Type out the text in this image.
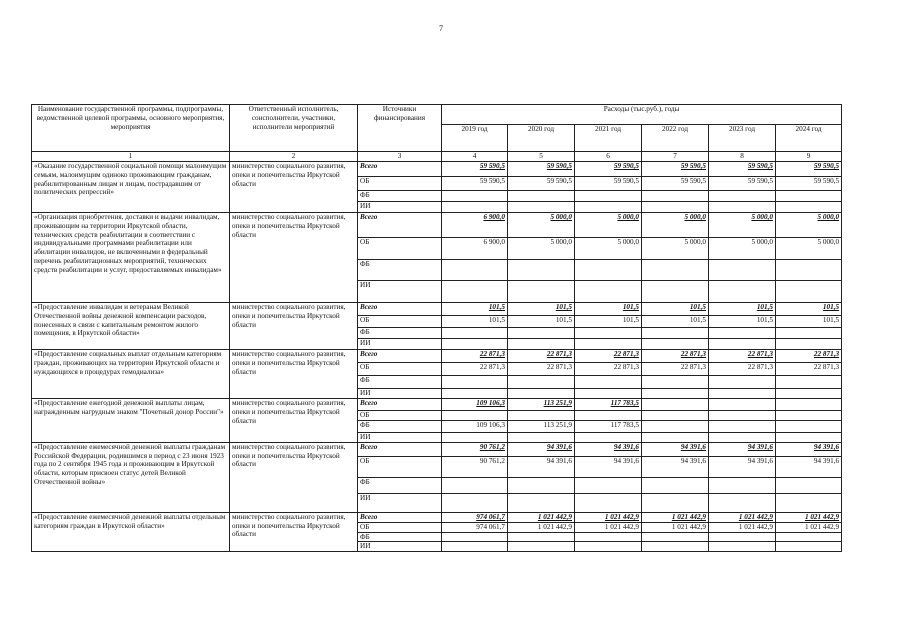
7
Наименование государственной программы, подпрограммы, ведомственной целевой программы, основного мероприятия, мероприятия	Ответственный исполнитель, соисполнители, участники, исполнители мероприятий	Источники финансирования	Расходы (тыс.руб.), годы					
			2019 год	2020 год	2021 год	2022 год	2023 год	2024 год
1	2	3	4	5	6	7	8	9
«Оказание государственной социальной помощи малоимущим семьям, малоимущим одиноко проживающим гражданам, реабилитированным лицам и лицам, пострадавшим от политических репрессий»	министерство социального развития, опеки и попечительства Иркутской области	Всего	59 590,5	59 590,5	59 590,5	59 590,5	59 590,5	59 590,5
		ОБ	59 590,5	59 590,5	59 590,5	59 590,5	59 590,5	59 590,5
		ФБ						
		ИИ						
«Организация приобретения, доставки и выдачи инвалидам, проживающим на территории Иркутской области, технических средств реабилитации в соответствии с индивидуальными программами реабилитации или абилитации инвалидов, не включенными в федеральный перечень реабилитационных мероприятий, технических средств реабилитации и услуг, предоставляемых инвалидам»	министерство социального развития, опеки и попечительства Иркутской области	Всего	6 900,0	5 000,0	5 000,0	5 000,0	5 000,0	5 000,0
		ОБ	6 900,0	5 000,0	5 000,0	5 000,0	5 000,0	5 000,0
		ФБ						
		ИИ						
«Предоставление инвалидам и ветеранам Великой Отечественной войны денежной компенсации расходов, понесенных в связи с капитальным ремонтом жилого помещения, в Иркутской области»	министерство социального развития, опеки и попечительства Иркутской области	Всего	101,5	101,5	101,5	101,5	101,5	101,5
		ОБ	101,5	101,5	101,5	101,5	101,5	101,5
		ФБ						
		ИИ						
«Предоставление социальных выплат отдельным категориям граждан, проживающих на территории Иркутской области и нуждающихся в процедурах гемодиализа»	министерство социального развития, опеки и попечительства Иркутской области	Всего	22 871,3	22 871,3	22 871,3	22 871,3	22 871,3	22 871,3
		ОБ	22 871,3	22 871,3	22 871,3	22 871,3	22 871,3	22 871,3
		ФБ						
		ИИ						
«Предоставление ежегодной денежной выплаты лицам, награжденным нагрудным знаком "Почетный донор России"»	министерство социального развития, опеки и попечительства Иркутской области	Всего	109 106,3	113 251,9	117 783,5			
		ОБ						
		ФБ	109 106,3	113 251,9	117 783,5			
		ИИ						
«Предоставление ежемесячной денежной выплаты гражданам Российской Федерации, родившимся в период с 23 июня 1923 года по 2 сентября 1945 года и проживающим в Иркутской области, которым присвоен статус детей Великой Отечественной войны»	министерство социального развития, опеки и попечительства Иркутской области	Всего	90 761,2	94 391,6	94 391,6	94 391,6	94 391,6	94 391,6
		ОБ	90 761,2	94 391,6	94 391,6	94 391,6	94 391,6	94 391,6
		ФБ						
		ИИ						
«Предоставление ежемесячной денежной выплаты отдельным категориям граждан в Иркутской области»	министерство социального развития, опеки и попечительства Иркутской области	Всего	974 061,7	1 021 442,9	1 021 442,9	1 021 442,9	1 021 442,9	1 021 442,9
		ОБ	974 061,7	1 021 442,9	1 021 442,9	1 021 442,9	1 021 442,9	1 021 442,9
		ФБ						
		ИИ						
